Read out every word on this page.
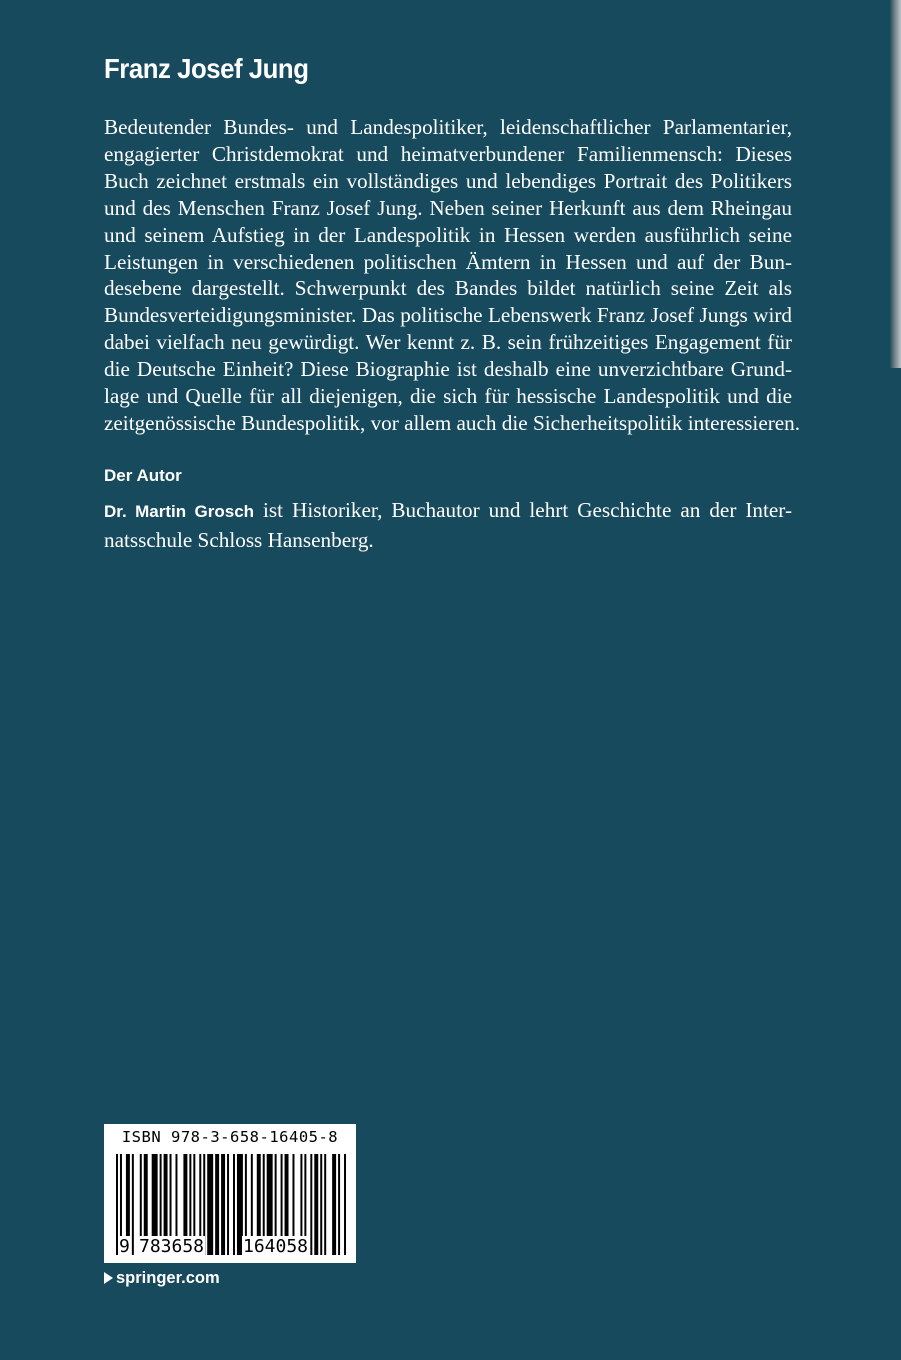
Franz Josef Jung
Bedeutender Bundes- und Landespolitiker, leidenschaftlicher Parlamentarier,
engagierter Christdemokrat und heimatverbundener Familienmensch: Dieses
Buch zeichnet erstmals ein vollständiges und lebendiges Portrait des Politikers
und des Menschen Franz Josef Jung. Neben seiner Herkunft aus dem Rheingau
und seinem Aufstieg in der Landespolitik in Hessen werden ausführlich seine
Leistungen in verschiedenen politischen Ämtern in Hessen und auf der Bun-
desebene dargestellt. Schwerpunkt des Bandes bildet natürlich seine Zeit als
Bundesverteidigungsminister. Das politische Lebenswerk Franz Josef Jungs wird
dabei vielfach neu gewürdigt. Wer kennt z. B. sein frühzeitiges Engagement für
die Deutsche Einheit? Diese Biographie ist deshalb eine unverzichtbare Grund-
lage und Quelle für all diejenigen, die sich für hessische Landespolitik und die
zeitgenössische Bundespolitik, vor allem auch die Sicherheitspolitik interessieren.
Der Autor
Dr. Martin Grosch ist Historiker, Buchautor und lehrt Geschichte an der Inter-
natsschule Schloss Hansenberg.
ISBN 978-3-658-16405-8
9 783658 164058
springer.com
